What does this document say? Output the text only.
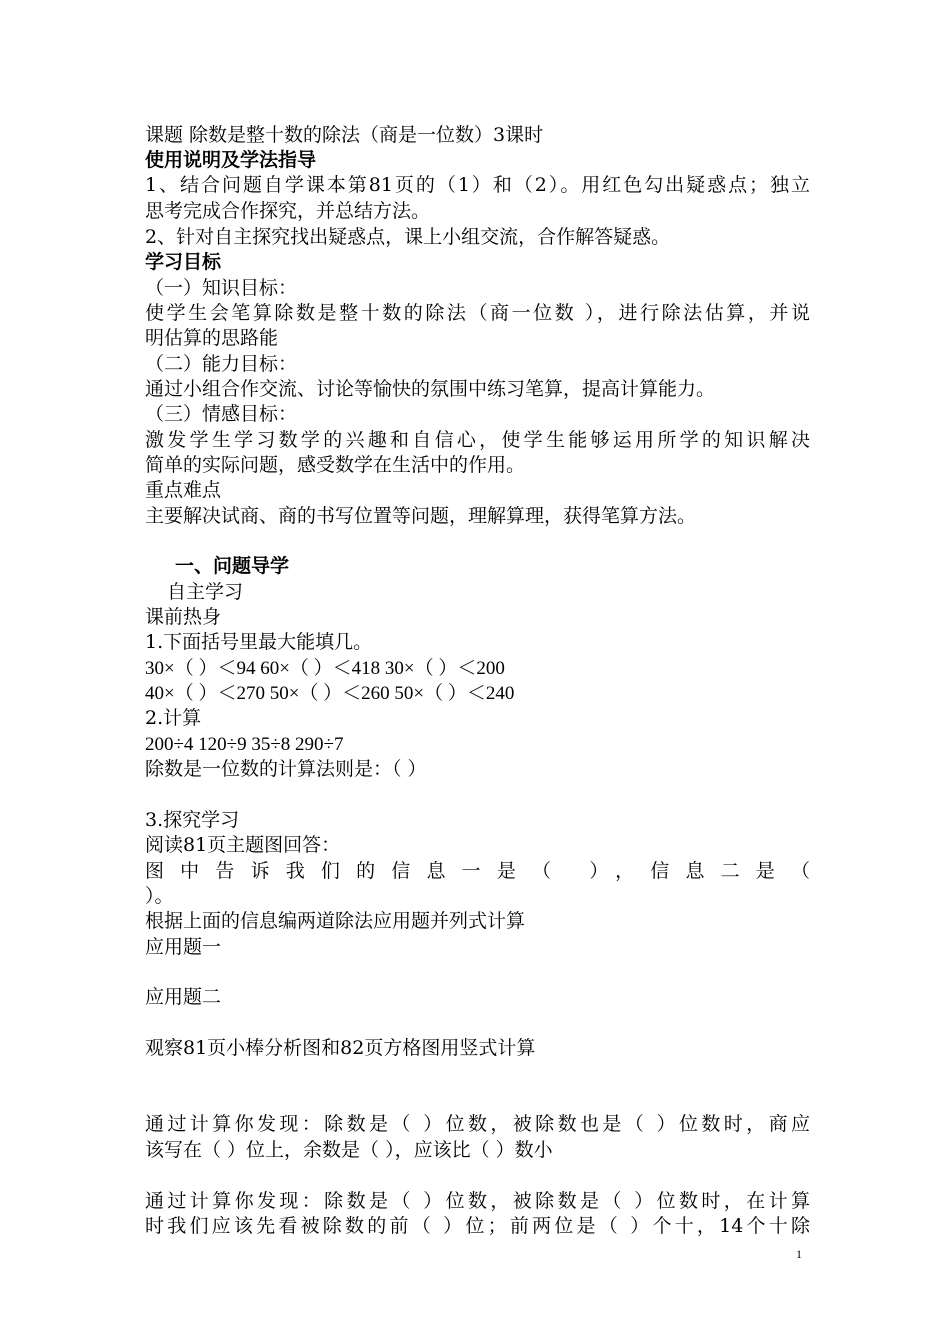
课题 除数是整十数的除法（商是一位数）3课时

使用说明及学法指导

1、结合问题自学课本第81页的（1）和（2）。用红色勾出疑惑点；独立

思考完成合作探究，并总结方法。

2、针对自主探究找出疑惑点，课上小组交流，合作解答疑惑。

学习目标

（一）知识目标：

使学生会笔算除数是整十数的除法（商一位数 ），进行除法估算，并说

明估算的思路能

（二）能力目标：

通过小组合作交流、讨论等愉快的氛围中练习笔算，提高计算能力。

（三）情感目标：

激发学生学习数学的兴趣和自信心，使学生能够运用所学的知识解决

简单的实际问题，感受数学在生活中的作用。

重点难点

主要解决试商、商的书写位置等问题，理解算理，获得笔算方法。

一、问题导学

自主学习

课前热身

1.下面括号里最大能填几。

30×（ ）＜94 60×（ ）＜418 30×（ ）＜200

40×（ ）＜270 50×（ ）＜260 50×（ ）＜240

2.计算

200÷4 120÷9 35÷8 290÷7

除数是一位数的计算法则是：（ ）

3.探究学习

阅读81页主题图回答：

图中告诉我们的信息一是（ ），信息二是（

）。

根据上面的信息编两道除法应用题并列式计算

应用题一

应用题二

观察81页小棒分析图和82页方格图用竖式计算

通过计算你发现：除数是（ ）位数，被除数也是（ ）位数时，商应

该写在（ ）位上，余数是（ ），应该比（ ）数小

通过计算你发现：除数是（ ）位数，被除数是（ ）位数时，在计算

时我们应该先看被除数的前（ ）位；前两位是（ ）个十，14个十除

1
